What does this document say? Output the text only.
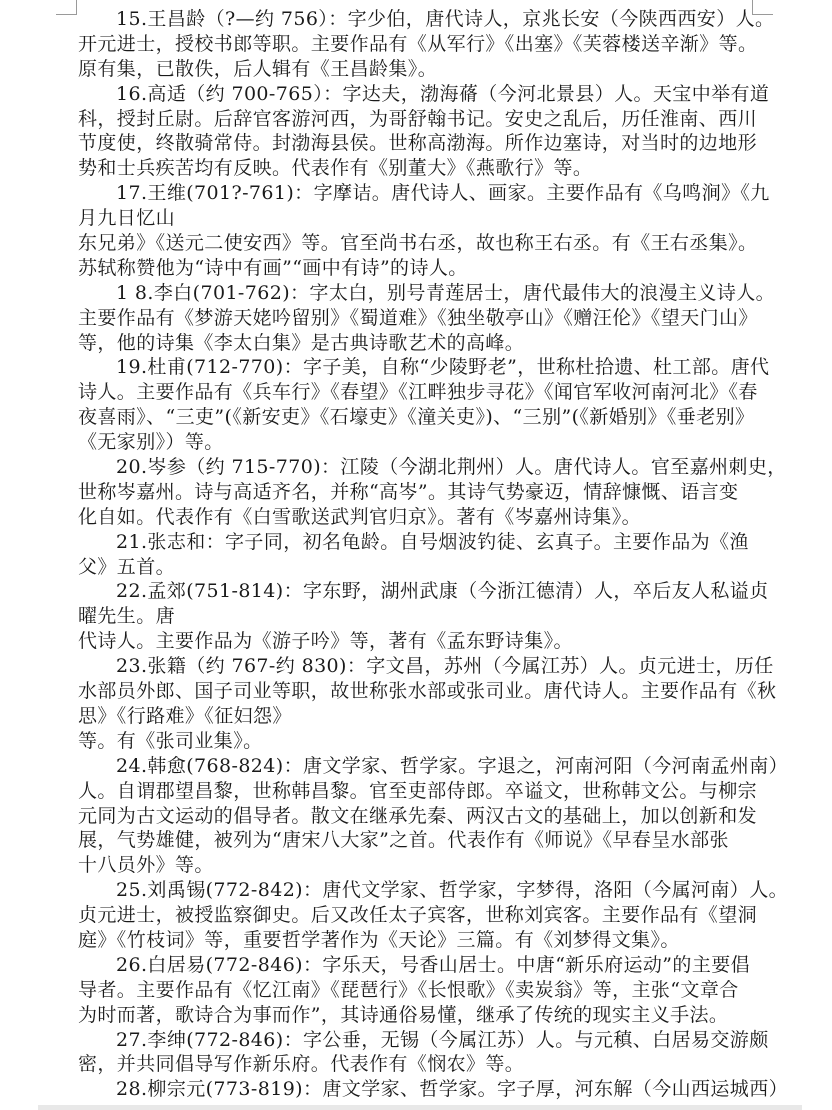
15.王昌龄（?—约 756）：字少伯，唐代诗人，京兆长安（今陕西西安）人。
开元进士，授校书郎等职。主要作品有《从军行》《出塞》《芙蓉楼送辛渐》等。
原有集，已散佚，后人辑有《王昌龄集》。
16.高适（约 700-765）：字达夫，渤海蓨（今河北景县）人。天宝中举有道
科，授封丘尉。后辞官客游河西，为哥舒翰书记。安史之乱后，历任淮南、西川
节度使，终散骑常侍。封渤海县侯。世称高渤海。所作边塞诗，对当时的边地形
势和士兵疾苦均有反映。代表作有《别董大》《燕歌行》等。
17.王维(701?-761)：字摩诘。唐代诗人、画家。主要作品有《乌鸣涧》《九
月九日忆山
东兄弟》《送元二使安西》等。官至尚书右丞，故也称王右丞。有《王右丞集》。
苏轼称赞他为“诗中有画”“画中有诗”的诗人。
1 8.李白(701-762)：字太白，别号青莲居士，唐代最伟大的浪漫主义诗人。
主要作品有《梦游天姥吟留别》《蜀道难》《独坐敬亭山》《赠汪伦》《望天门山》
等，他的诗集《李太白集》是古典诗歌艺术的高峰。
19.杜甫(712-770)：字子美，自称“少陵野老”，世称杜拾遗、杜工部。唐代
诗人。主要作品有《兵车行》《春望》《江畔独步寻花》《闻官军收河南河北》《春
夜喜雨》、“三吏”(《新安吏》《石壕吏》《潼关吏》)、“三别”(《新婚别》《垂老别》
《无家别》）等。
20.岑参（约 715-770)：江陵（今湖北荆州）人。唐代诗人。官至嘉州刺史，
世称岑嘉州。诗与高适齐名，并称“高岑”。其诗气势豪迈，情辞慷慨、语言变
化自如。代表作有《白雪歌送武判官归京》。著有《岑嘉州诗集》。
21.张志和：字子同，初名龟龄。自号烟波钓徒、玄真子。主要作品为《渔
父》五首。
22.孟郊(751-814)：字东野，湖州武康（今浙江德清）人，卒后友人私谥贞
曜先生。唐
代诗人。主要作品为《游子吟》等，著有《孟东野诗集》。
23.张籍（约 767-约 830)：字文昌，苏州（今属江苏）人。贞元进士，历任
水部员外郎、国子司业等职，故世称张水部或张司业。唐代诗人。主要作品有《秋
思》《行路难》《征妇怨》
等。有《张司业集》。
24.韩愈(768-824)：唐文学家、哲学家。字退之，河南河阳（今河南孟州南）
人。自谓郡望昌黎，世称韩昌黎。官至吏部侍郎。卒谥文，世称韩文公。与柳宗
元同为古文运动的倡导者。散文在继承先秦、两汉古文的基础上，加以创新和发
展，气势雄健，被列为“唐宋八大家”之首。代表作有《师说》《早春呈水部张
十八员外》等。
25.刘禹锡(772-842)：唐代文学家、哲学家，字梦得，洛阳（今属河南）人。
贞元进士，被授监察御史。后又改任太子宾客，世称刘宾客。主要作品有《望洞
庭》《竹枝词》等，重要哲学著作为《天论》三篇。有《刘梦得文集》。
26.白居易(772-846)：字乐天，号香山居士。中唐“新乐府运动”的主要倡
导者。主要作品有《忆江南》《琵琶行》《长恨歌》《卖炭翁》等，主张“文章合
为时而著，歌诗合为事而作”，其诗通俗易懂，继承了传统的现实主义手法。
27.李绅(772-846)：字公垂，无锡（今属江苏）人。与元稹、白居易交游颇
密，并共同倡导写作新乐府。代表作有《悯农》等。
28.柳宗元(773-819)：唐文学家、哲学家。字子厚，河东解（今山西运城西）
